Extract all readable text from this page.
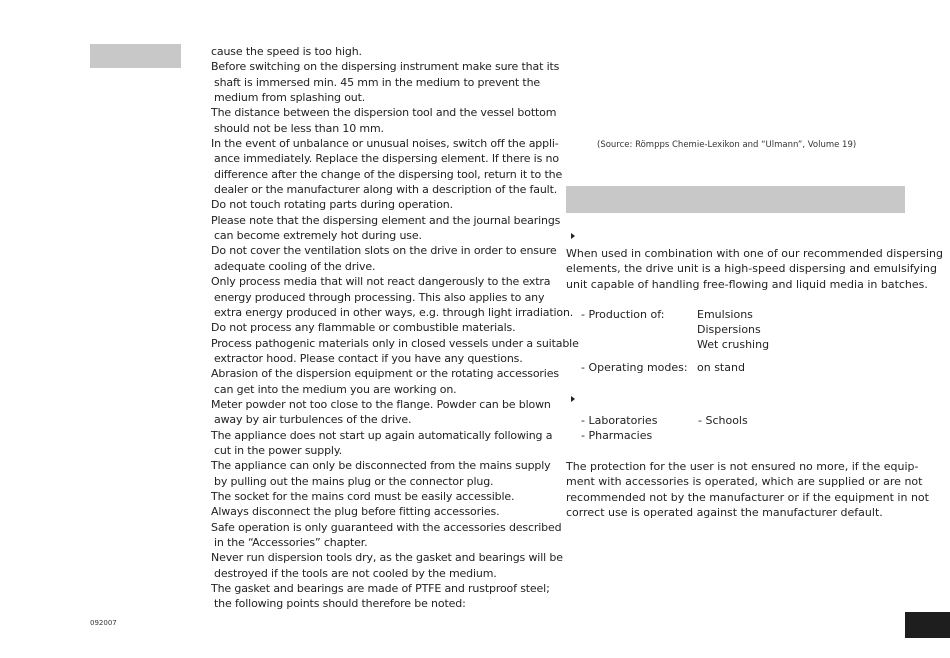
cause the speed is too high.
Before switching on the dispersing instrument make sure that its
shaft is immersed min. 45 mm in the medium to prevent the
medium from splashing out.
The distance between the dispersion tool and the vessel bottom
should not be less than 10 mm.
In the event of unbalance or unusual noises, switch off the appli-
ance immediately. Replace the dispersing element. If there is no
difference after the change of the dispersing tool, return it to the
dealer or the manufacturer along with a description of the fault.
Do not touch rotating parts during operation.
Please note that the dispersing element and the journal bearings
can become extremely hot during use.
Do not cover the ventilation slots on the drive in order to ensure
adequate cooling of the drive.
Only process media that will not react dangerously to the extra
energy produced through processing. This also applies to any
extra energy produced in other ways, e.g. through light irradiation.
Do not process any flammable or combustible materials.
Process pathogenic materials only in closed vessels under a suitable
extractor hood. Please contact if you have any questions.
Abrasion of the dispersion equipment or the rotating accessories
can get into the medium you are working on.
Meter powder not too close to the flange. Powder can be blown
away by air turbulences of the drive.
The appliance does not start up again automatically following a
cut in the power supply.
The appliance can only be disconnected from the mains supply
by pulling out the mains plug or the connector plug.
The socket for the mains cord must be easily accessible.
Always disconnect the plug before fitting accessories.
Safe operation is only guaranteed with the accessories described
in the “Accessories” chapter.
Never run dispersion tools dry, as the gasket and bearings will be
destroyed if the tools are not cooled by the medium.
The gasket and bearings are made of PTFE and rustproof steel;
the following points should therefore be noted:
092007
(Source: Römpps Chemie-Lexikon and “Ulmann”, Volume 19)
When used in combination with one of our recommended dispersing
elements, the drive unit is a high-speed dispersing and emulsifying
unit capable of handling free-flowing and liquid media in batches.
- Production of:	Emulsions
Dispersions
Wet crushing
- Operating modes: on stand
- Laboratories	- Schools
- Pharmacies
The protection for the user is not ensured no more, if the equip-
ment with accessories is operated, which are supplied or are not
recommended not by the manufacturer or if the equipment in not
correct use is operated against the manufacturer default.
